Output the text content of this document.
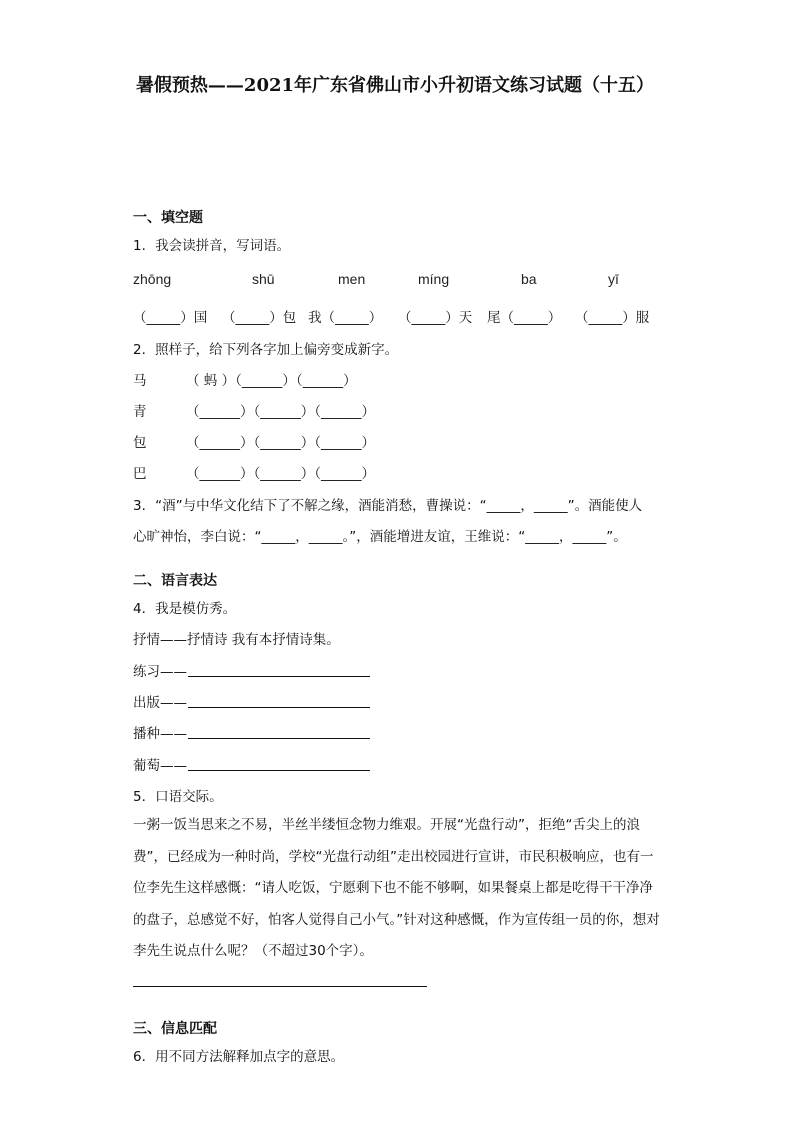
暑假预热——2021年广东省佛山市小升初语文练习试题（十五）
一、填空题
1．我会读拼音，写词语。
zhōng	shū	men	míng	ba	yī
（_____）国 （_____）包 我（_____） （_____）天 尾（_____） （_____）服
2．照样子，给下列各字加上偏旁变成新字。
马	（ 蚂 ）（______）（______）
青	（______）（______）（______）
包	（______）（______）（______）
巴	（______）（______）（______）
3．“酒”与中华文化结下了不解之缘，酒能消愁，曹操说：“_____，_____”。酒能使人
心旷神怡，李白说：“_____，_____。”，酒能增进友谊，王维说：“_____，_____”。
二、语言表达
4．我是模仿秀。
抒情——抒情诗 我有本抒情诗集。
练习——
出版——
播种——
葡萄——
5．口语交际。

一粥一饭当思来之不易，半丝半缕恒念物力维艰。开展“光盘行动”，拒绝“舌尖上的浪费”，已经成为一种时尚，学校“光盘行动组”走出校园进行宣讲，市民积极响应，也有一位李先生这样感慨：“请人吃饭，宁愿剩下也不能不够啊，如果餐桌上都是吃得干干净净的盘子，总感觉不好，怕客人觉得自己小气。”针对这种感慨，作为宣传组一员的你，想对李先生说点什么呢？（不超过30个字）。

三、信息匹配
6．用不同方法解释加点字的意思。
